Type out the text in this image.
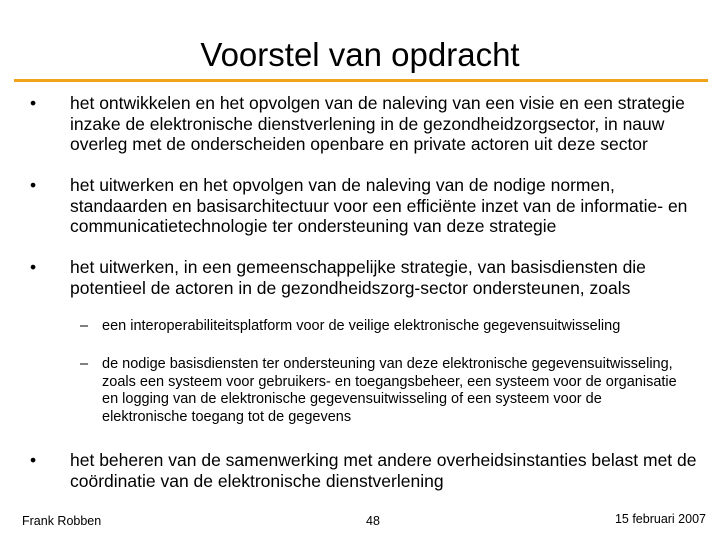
Voorstel van opdracht
• het ontwikkelen en het opvolgen van de naleving van een visie en een strategie inzake de elektronische dienstverlening in de gezondheidzorgsector, in nauw overleg met de onderscheiden openbare en private actoren uit deze sector
• het uitwerken en het opvolgen van de naleving van de nodige normen, standaarden en basisarchitectuur voor een efficiënte inzet van de informatie- en communicatietechnologie ter ondersteuning van deze strategie
• het uitwerken, in een gemeenschappelijke strategie, van basisdiensten die potentieel de actoren in de gezondheidszorg-sector ondersteunen, zoals
– een interoperabiliteitsplatform voor de veilige elektronische gegevensuitwisseling
– de nodige basisdiensten ter ondersteuning van deze elektronische gegevensuitwisseling, zoals een systeem voor gebruikers- en toegangsbeheer, een systeem voor de organisatie en logging van de elektronische gegevensuitwisseling of een systeem voor de elektronische toegang tot de gegevens
• het beheren van de samenwerking met andere overheidsinstanties belast met de coördinatie van de elektronische dienstverlening
Frank Robben	48	15 februari 2007
